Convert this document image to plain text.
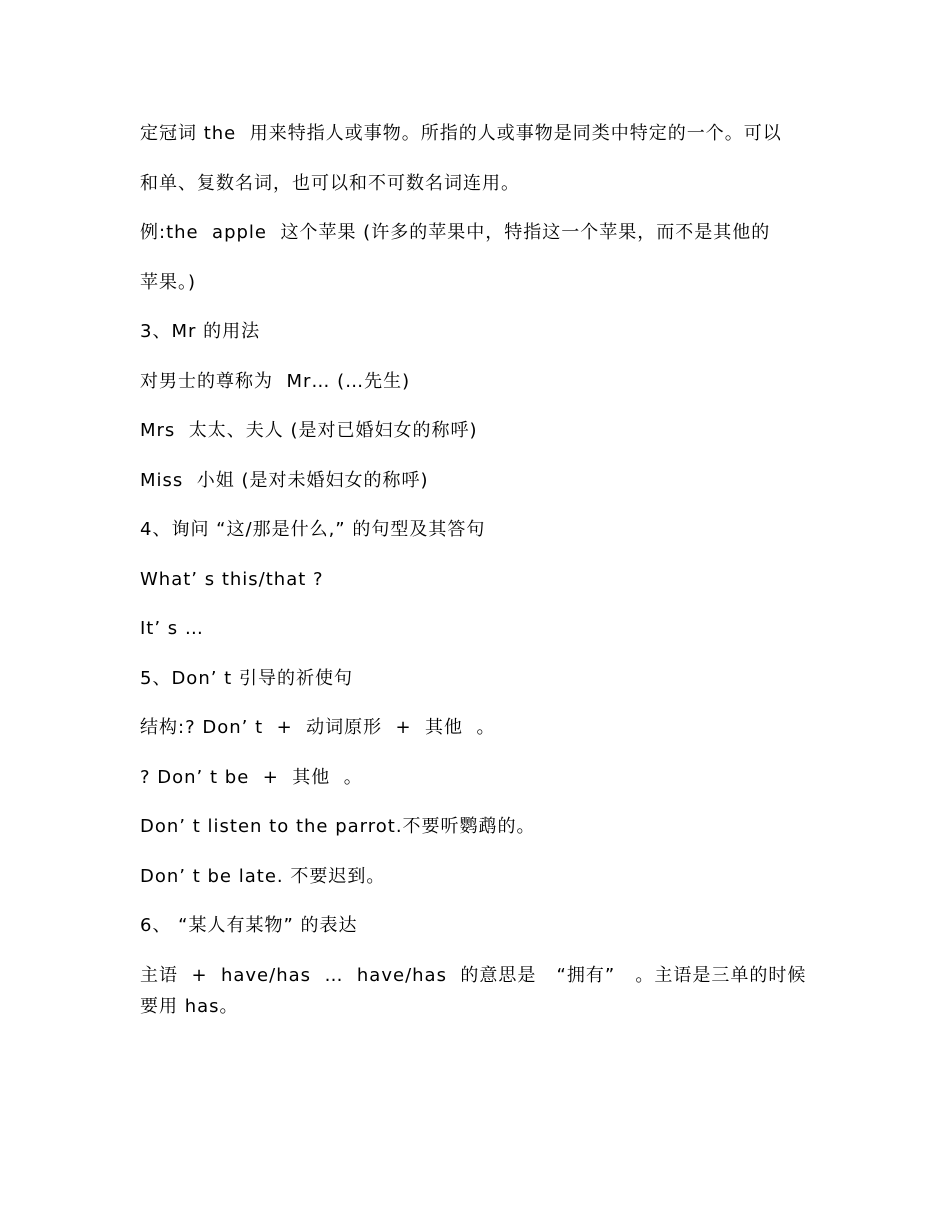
定冠词 the  用来特指人或事物。所指的人或事物是同类中特定的一个。可以

和单、复数名词，也可以和不可数名词连用。

例:the  apple  这个苹果 (许多的苹果中，特指这一个苹果，而不是其他的

苹果。)

3、Mr 的用法

对男士的尊称为  Mr… (…先生)

Mrs  太太、夫人 (是对已婚妇女的称呼)

Miss  小姐 (是对未婚妇女的称呼)

4、询问 “这/那是什么,” 的句型及其答句

What’ s this/that ?

It’ s …

5、Don’ t 引导的祈使句

结构:? Don’ t  +  动词原形  +  其他  。

? Don’ t be  +  其他  。

Don’ t listen to the parrot.不要听鹦鹉的。

Don’ t be late. 不要迟到。

6、 “某人有某物” 的表达

主语  +  have/has  …  have/has  的意思是   “拥有”   。主语是三单的时候要用 has。
